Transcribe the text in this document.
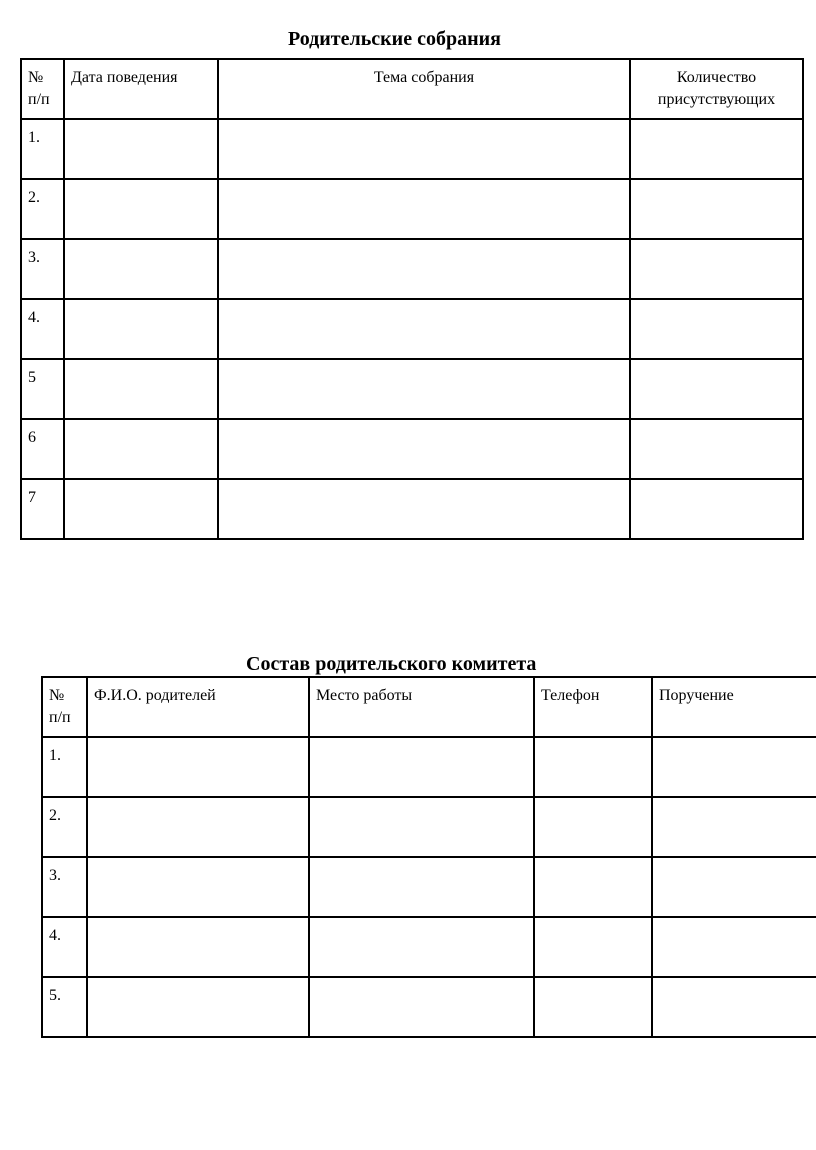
Родительские собрания
№ п/п	Дата поведения	Тема собрания	Количество присутствующих

1.			

2.			

3.			

4.			

5			

6			

7			

Состав родительского комитета
№ п/п	Ф.И.О. родителей	Место работы	Телефон	Поручение

1.				

2.				

3.				

4.				

5.				
